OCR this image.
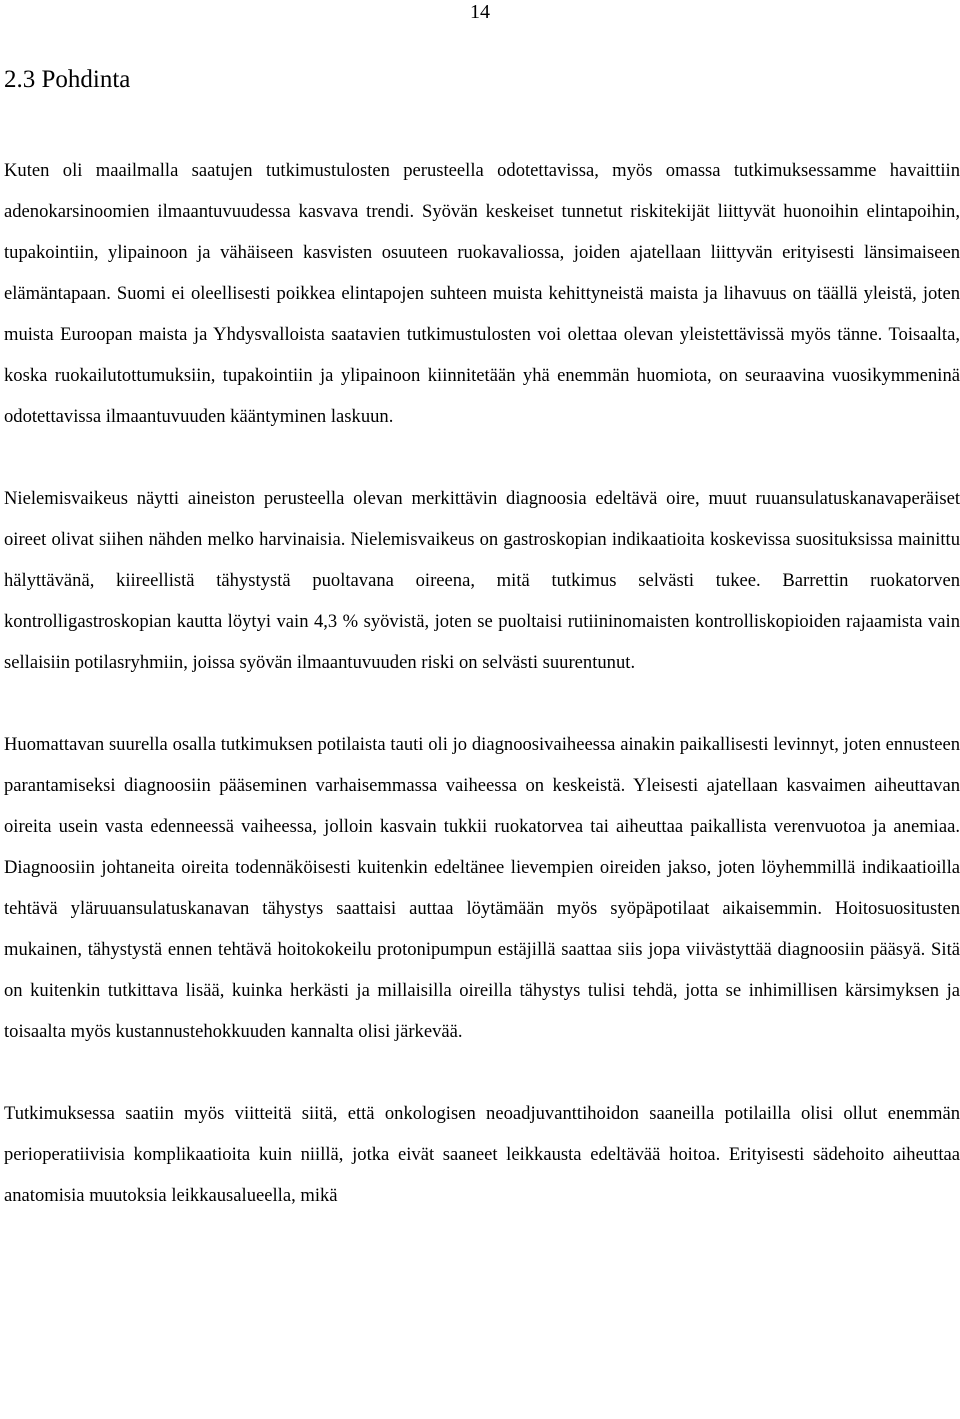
14
2.3 Pohdinta

Kuten oli maailmalla saatujen tutkimustulosten perusteella odotettavissa, myös omassa tutkimuksessamme havaittiin adenokarsinoomien ilmaantuvuudessa kasvava trendi. Syövän keskeiset tunnetut riskitekijät liittyvät huonoihin elintapoihin, tupakointiin, ylipainoon ja vähäiseen kasvisten osuuteen ruokavaliossa, joiden ajatellaan liittyvän erityisesti länsimaiseen elämäntapaan. Suomi ei oleellisesti poikkea elintapojen suhteen muista kehittyneistä maista ja lihavuus on täällä yleistä, joten muista Euroopan maista ja Yhdysvalloista saatavien tutkimustulosten voi olettaa olevan yleistettävissä myös tänne. Toisaalta, koska ruokailutottumuksiin, tupakointiin ja ylipainoon kiinnitetään yhä enemmän huomiota, on seuraavina vuosikymmeninä odotettavissa ilmaantuvuuden kääntyminen laskuun.

Nielemisvaikeus näytti aineiston perusteella olevan merkittävin diagnoosia edeltävä oire, muut ruuansulatuskanavaperäiset oireet olivat siihen nähden melko harvinaisia. Nielemisvaikeus on gastroskopian indikaatioita koskevissa suosituksissa mainittu hälyttävänä, kiireellistä tähystystä puoltavana oireena, mitä tutkimus selvästi tukee. Barrettin ruokatorven kontrolligastroskopian kautta löytyi vain 4,3 % syövistä, joten se puoltaisi rutiininomaisten kontrolliskopioiden rajaamista vain sellaisiin potilasryhmiin, joissa syövän ilmaantuvuuden riski on selvästi suurentunut.

Huomattavan suurella osalla tutkimuksen potilaista tauti oli jo diagnoosivaiheessa ainakin paikallisesti levinnyt, joten ennusteen parantamiseksi diagnoosiin pääseminen varhaisemmassa vaiheessa on keskeistä. Yleisesti ajatellaan kasvaimen aiheuttavan oireita usein vasta edenneessä vaiheessa, jolloin kasvain tukkii ruokatorvea tai aiheuttaa paikallista verenvuotoa ja anemiaa. Diagnoosiin johtaneita oireita todennäköisesti kuitenkin edeltänee lievempien oireiden jakso, joten löyhemmillä indikaatioilla tehtävä yläruuansulatuskanavan tähystys saattaisi auttaa löytämään myös syöpäpotilaat aikaisemmin. Hoitosuositusten mukainen, tähystystä ennen tehtävä hoitokokeilu protonipumpun estäjillä saattaa siis jopa viivästyttää diagnoosiin pääsyä. Sitä on kuitenkin tutkittava lisää, kuinka herkästi ja millaisilla oireilla tähystys tulisi tehdä, jotta se inhimillisen kärsimyksen ja toisaalta myös kustannustehokkuuden kannalta olisi järkevää.

Tutkimuksessa saatiin myös viitteitä siitä, että onkologisen neoadjuvanttihoidon saaneilla potilailla olisi ollut enemmän perioperatiivisia komplikaatioita kuin niillä, jotka eivät saaneet leikkausta edeltävää hoitoa. Erityisesti sädehoito aiheuttaa anatomisia muutoksia leikkausalueella, mikä
